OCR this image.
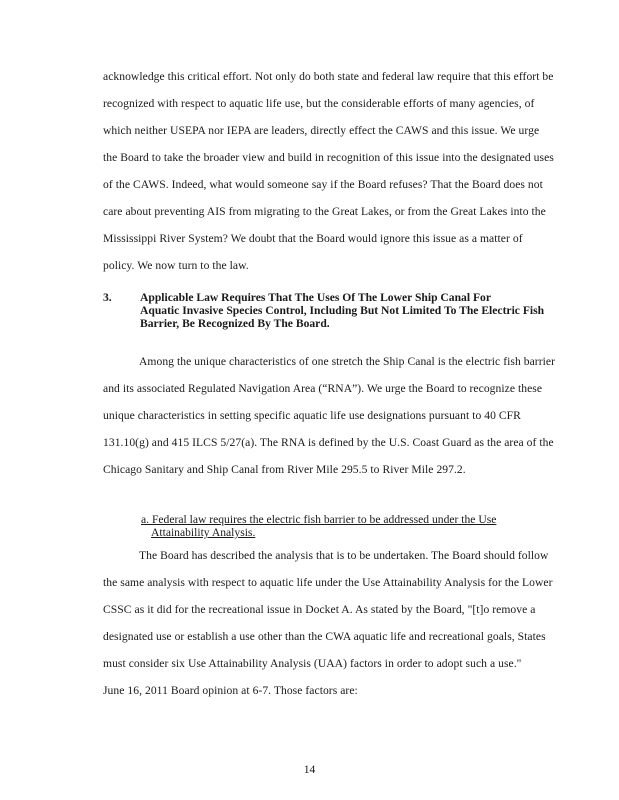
acknowledge this critical effort. Not only do both state and federal law require that this effort be
recognized with respect to aquatic life use, but the considerable efforts of many agencies, of
which neither USEPA nor IEPA are leaders, directly effect the CAWS and this issue. We urge
the Board to take the broader view and build in recognition of this issue into the designated uses
of the CAWS. Indeed, what would someone say if the Board refuses? That the Board does not
care about preventing AIS from migrating to the Great Lakes, or from the Great Lakes into the
Mississippi River System? We doubt that the Board would ignore this issue as a matter of
policy. We now turn to the law.
3. Applicable Law Requires That The Uses Of The Lower Ship Canal For
Aquatic Invasive Species Control, Including But Not Limited To The Electric Fish
Barrier, Be Recognized By The Board.
Among the unique characteristics of one stretch the Ship Canal is the electric fish barrier
and its associated Regulated Navigation Area (“RNA”). We urge the Board to recognize these
unique characteristics in setting specific aquatic life use designations pursuant to 40 CFR
131.10(g) and 415 ILCS 5/27(a). The RNA is defined by the U.S. Coast Guard as the area of the
Chicago Sanitary and Ship Canal from River Mile 295.5 to River Mile 297.2.
a. Federal law requires the electric fish barrier to be addressed under the Use
Attainability Analysis.
The Board has described the analysis that is to be undertaken. The Board should follow
the same analysis with respect to aquatic life under the Use Attainability Analysis for the Lower
CSSC as it did for the recreational issue in Docket A. As stated by the Board, "[t]o remove a
designated use or establish a use other than the CWA aquatic life and recreational goals, States
must consider six Use Attainability Analysis (UAA) factors in order to adopt such a use."
June 16, 2011 Board opinion at 6-7. Those factors are:
14
